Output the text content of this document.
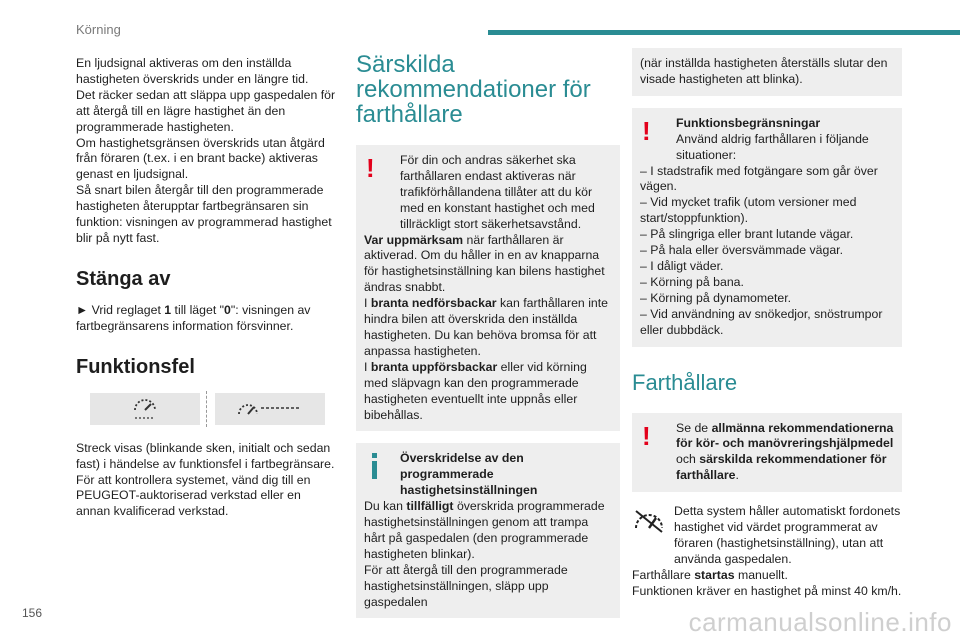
Körning

En ljudsignal aktiveras om den inställda hastigheten överskrids under en längre tid.

Det räcker sedan att släppa upp gaspedalen för att återgå till en lägre hastighet än den programmerade hastigheten.

Om hastighetsgränsen överskrids utan åtgärd från föraren (t.ex. i en brant backe) aktiveras genast en ljudsignal.

Så snart bilen återgår till den programmerade hastigheten återupptar fartbegränsaren sin funktion: visningen av programmerad hastighet blir på nytt fast.

Stänga av

► Vrid reglaget 1 till läget "0": visningen av fartbegränsarens information försvinner.

Funktionsfel

Streck visas (blinkande sken, initialt och sedan fast) i händelse av funktionsfel i fartbegränsare.
För att kontrollera systemet, vänd dig till en PEUGEOT-auktoriserad verkstad eller en annan kvalificerad verkstad.

Särskilda rekommendationer för farthållare
!	För din och andras säkerhet ska farthållaren endast aktiveras när trafikförhållandena tillåter att du kör med en konstant hastighet och med tillräckligt stort säkerhetsavstånd.

Var uppmärksam när farthållaren är aktiverad. Om du håller in en av knapparna för hastighetsinställning kan bilens hastighet ändras snabbt.

I branta nedförsbackar kan farthållaren inte hindra bilen att överskrida den inställda hastigheten. Du kan behöva bromsa för att anpassa hastigheten.

I branta uppförsbackar eller vid körning med släpvagn kan den programmerade hastigheten eventuellt inte uppnås eller bibehållas.

Överskridelse av den programmerade hastighetsinställningen

Du kan tillfälligt överskrida programmerade hastighetsinställningen genom att trampa hårt på gaspedalen (den programmerade hastigheten blinkar).

För att återgå till den programmerade hastighetsinställningen, släpp upp gaspedalen

(när inställda hastigheten återställs slutar den visade hastigheten att blinka).

!	Funktionsbegränsningar

Använd aldrig farthållaren i följande situationer:

– I stadstrafik med fotgängare som går över vägen.

– Vid mycket trafik (utom versioner med start/stoppfunktion).

– På slingriga eller brant lutande vägar.

– På hala eller översvämmade vägar.

– I dåligt väder.

– Körning på bana.

– Körning på dynamometer.

– Vid användning av snökedjor, snöstrumpor eller dubbdäck.

Farthållare
!	Se de allmänna rekommendationerna för kör- och manövreringshjälpmedel och särskilda rekommendationer för farthållare.

Detta system håller automatiskt fordonets hastighet vid värdet programmerat av föraren (hastighetsinställning), utan att använda gaspedalen.

Farthållare startas manuellt.

Funktionen kräver en hastighet på minst 40 km/h.

156	carmanualsonline.info
